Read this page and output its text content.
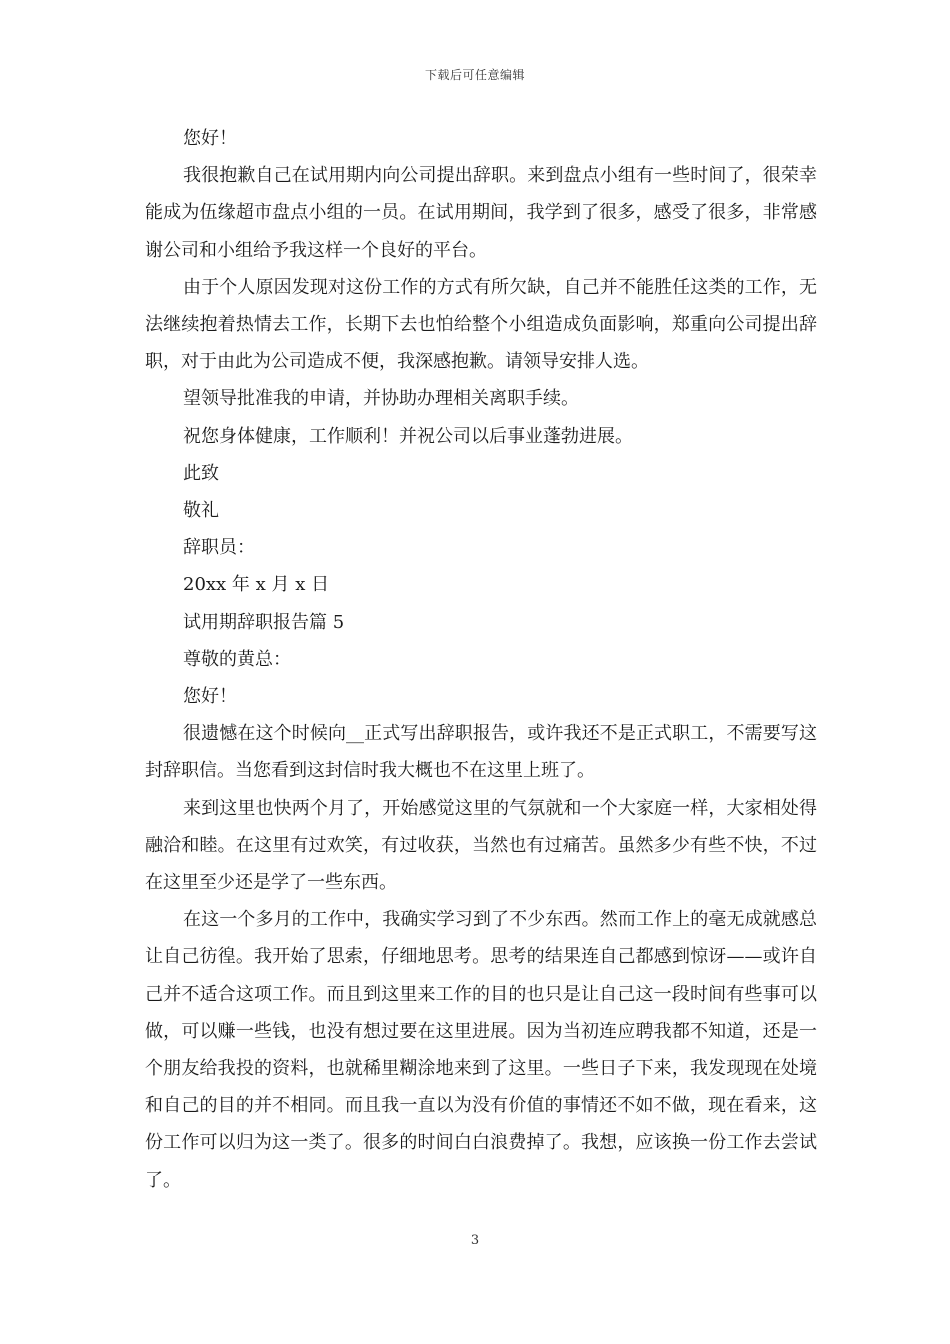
下载后可任意编辑

您好！

我很抱歉自己在试用期内向公司提出辞职。来到盘点小组有一些时间了，很荣幸能成为伍缘超市盘点小组的一员。在试用期间，我学到了很多，感受了很多，非常感谢公司和小组给予我这样一个良好的平台。

由于个人原因发现对这份工作的方式有所欠缺，自己并不能胜任这类的工作，无法继续抱着热情去工作，长期下去也怕给整个小组造成负面影响，郑重向公司提出辞职，对于由此为公司造成不便，我深感抱歉。请领导安排人选。

望领导批准我的申请，并协助办理相关离职手续。

祝您身体健康，工作顺利！并祝公司以后事业蓬勃进展。

此致

敬礼

辞职员：

20xx 年 x 月 x 日

试用期辞职报告篇 5

尊敬的黄总：

您好！

很遗憾在这个时候向__正式写出辞职报告，或许我还不是正式职工，不需要写这封辞职信。当您看到这封信时我大概也不在这里上班了。

来到这里也快两个月了，开始感觉这里的气氛就和一个大家庭一样，大家相处得融洽和睦。在这里有过欢笑，有过收获，当然也有过痛苦。虽然多少有些不快，不过在这里至少还是学了一些东西。

在这一个多月的工作中，我确实学习到了不少东西。然而工作上的毫无成就感总让自己彷徨。我开始了思索，仔细地思考。思考的结果连自己都感到惊讶——或许自己并不适合这项工作。而且到这里来工作的目的也只是让自己这一段时间有些事可以做，可以赚一些钱，也没有想过要在这里进展。因为当初连应聘我都不知道，还是一个朋友给我投的资料，也就稀里糊涂地来到了这里。一些日子下来，我发现现在处境和自己的目的并不相同。而且我一直以为没有价值的事情还不如不做，现在看来，这份工作可以归为这一类了。很多的时间白白浪费掉了。我想，应该换一份工作去尝试了。

3
